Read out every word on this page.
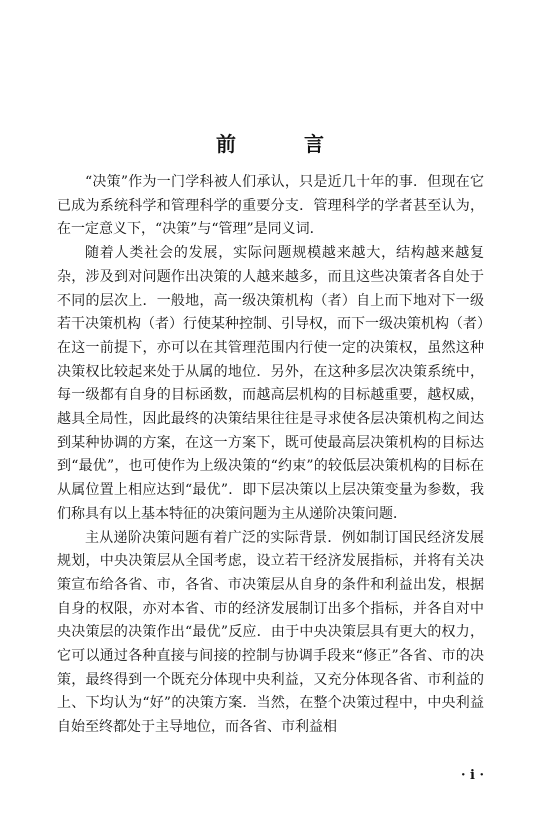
前　言

“决策”作为一门学科被人们承认，只是近几十年的事．但现在它已成为系统科学和管理科学的重要分支．管理科学的学者甚至认为，在一定意义下，“决策”与“管理”是同义词．

随着人类社会的发展，实际问题规模越来越大，结构越来越复杂，涉及到对问题作出决策的人越来越多，而且这些决策者各自处于不同的层次上．一般地，高一级决策机构（者）自上而下地对下一级若干决策机构（者）行使某种控制、引导权，而下一级决策机构（者）在这一前提下，亦可以在其管理范围内行使一定的决策权，虽然这种决策权比较起来处于从属的地位．另外，在这种多层次决策系统中，每一级都有自身的目标函数，而越高层机构的目标越重要，越权威，越具全局性，因此最终的决策结果往往是寻求使各层决策机构之间达到某种协调的方案，在这一方案下，既可使最高层决策机构的目标达到“最优”，也可使作为上级决策的“约束”的较低层决策机构的目标在从属位置上相应达到“最优”．即下层决策以上层决策变量为参数，我们称具有以上基本特征的决策问题为主从递阶决策问题．

主从递阶决策问题有着广泛的实际背景．例如制订国民经济发展规划，中央决策层从全国考虑，设立若干经济发展指标，并将有关决策宣布给各省、市，各省、市决策层从自身的条件和利益出发，根据自身的权限，亦对本省、市的经济发展制订出多个指标，并各自对中央决策层的决策作出“最优”反应．由于中央决策层具有更大的权力，它可以通过各种直接与间接的控制与协调手段来“修正”各省、市的决策，最终得到一个既充分体现中央利益，又充分体现各省、市利益的上、下均认为“好”的决策方案．当然，在整个决策过程中，中央利益自始至终都处于主导地位，而各省、市利益相

· i ·
